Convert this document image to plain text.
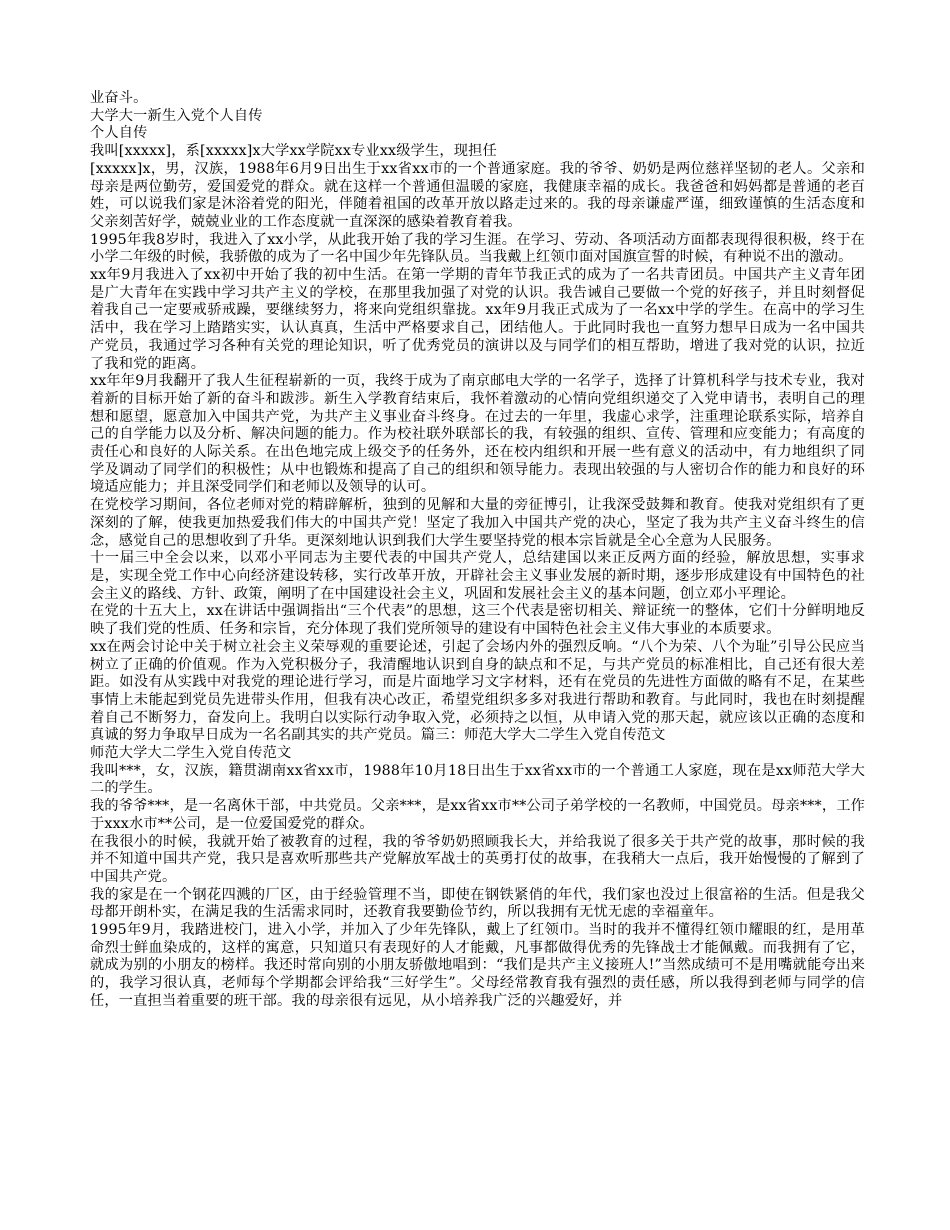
业奋斗。

大学大一新生入党个人自传

个人自传

我叫[xxxxx]，系[xxxxx]x大学xx学院xx专业xx级学生，现担任

[xxxxx]x，男，汉族，1988年6月9日出生于xx省xx市的一个普通家庭。我的爷爷、奶奶是两位慈祥坚韧的老人。父亲和母亲是两位勤劳，爱国爱党的群众。就在这样一个普通但温暖的家庭，我健康幸福的成长。我爸爸和妈妈都是普通的老百姓，可以说我们家是沐浴着党的阳光，伴随着祖国的改革开放以路走过来的。我的母亲谦虚严谨，细致谨慎的生活态度和父亲刻苦好学，兢兢业业的工作态度就一直深深的感染着教育着我。

1995年我8岁时，我进入了xx小学，从此我开始了我的学习生涯。在学习、劳动、各项活动方面都表现得很积极，终于在小学二年级的时候，我骄傲的成为了一名中国少年先锋队员。当我戴上红领巾面对国旗宣誓的时候，有种说不出的激动。

xx年9月我进入了xx初中开始了我的初中生活。在第一学期的青年节我正式的成为了一名共青团员。中国共产主义青年团是广大青年在实践中学习共产主义的学校，在那里我加强了对党的认识。我告诫自己要做一个党的好孩子，并且时刻督促着我自己一定要戒骄戒躁，要继续努力，将来向党组织靠拢。xx年9月我正式成为了一名xx中学的学生。在高中的学习生活中，我在学习上踏踏实实，认认真真，生活中严格要求自己，团结他人。于此同时我也一直努力想早日成为一名中国共产党员，我通过学习各种有关党的理论知识，听了优秀党员的演讲以及与同学们的相互帮助，增进了我对党的认识，拉近了我和党的距离。

xx年年9月我翻开了我人生征程崭新的一页，我终于成为了南京邮电大学的一名学子，选择了计算机科学与技术专业，我对着新的目标开始了新的奋斗和跋涉。新生入学教育结束后，我怀着激动的心情向党组织递交了入党申请书，表明自己的理想和愿望，愿意加入中国共产党，为共产主义事业奋斗终身。在过去的一年里，我虚心求学，注重理论联系实际，培养自己的自学能力以及分析、解决问题的能力。作为校社联外联部长的我，有较强的组织、宣传、管理和应变能力；有高度的责任心和良好的人际关系。在出色地完成上级交予的任务外，还在校内组织和开展一些有意义的活动中，有力地组织了同学及调动了同学们的积极性；从中也锻炼和提高了自己的组织和领导能力。表现出较强的与人密切合作的能力和良好的环境适应能力；并且深受同学们和老师以及领导的认可。

在党校学习期间，各位老师对党的精辟解析，独到的见解和大量的旁征博引，让我深受鼓舞和教育。使我对党组织有了更深刻的了解，使我更加热爱我们伟大的中国共产党！坚定了我加入中国共产党的决心，坚定了我为共产主义奋斗终生的信念，感觉自己的思想收到了升华。更深刻地认识到我们大学生要坚持党的根本宗旨就是全心全意为人民服务。

十一届三中全会以来，以邓小平同志为主要代表的中国共产党人，总结建国以来正反两方面的经验，解放思想，实事求是，实现全党工作中心向经济建设转移，实行改革开放，开辟社会主义事业发展的新时期，逐步形成建设有中国特色的社会主义的路线、方针、政策，阐明了在中国建设社会主义，巩固和发展社会主义的基本问题，创立邓小平理论。

在党的十五大上，xx在讲话中强调指出“三个代表”的思想，这三个代表是密切相关、辩证统一的整体，它们十分鲜明地反映了我们党的性质、任务和宗旨，充分体现了我们党所领导的建设有中国特色社会主义伟大事业的本质要求。

xx在两会讨论中关于树立社会主义荣辱观的重要论述，引起了会场内外的强烈反响。“八个为荣、八个为耻”引导公民应当树立了正确的价值观。作为入党积极分子，我清醒地认识到自身的缺点和不足，与共产党员的标准相比，自己还有很大差距。如没有从实践中对我党的理论进行学习，而是片面地学习文字材料，还有在党员的先进性方面做的略有不足，在某些事情上未能起到党员先进带头作用，但我有决心改正，希望党组织多多对我进行帮助和教育。与此同时，我也在时刻提醒着自己不断努力，奋发向上。我明白以实际行动争取入党，必须持之以恒，从申请入党的那天起，就应该以正确的态度和真诚的努力争取早日成为一名名副其实的共产党员。篇三：师范大学大二学生入党自传范文

师范大学大二学生入党自传范文

我叫***，女，汉族，籍贯湖南xx省xx市，1988年10月18日出生于xx省xx市的一个普通工人家庭，现在是xx师范大学大二的学生。

我的爷爷***，是一名离休干部，中共党员。父亲***，是xx省xx市**公司子弟学校的一名教师，中国党员。母亲***，工作于xxx水市**公司，是一位爱国爱党的群众。

在我很小的时候，我就开始了被教育的过程，我的爷爷奶奶照顾我长大，并给我说了很多关于共产党的故事，那时候的我并不知道中国共产党，我只是喜欢听那些共产党解放军战士的英勇打仗的故事，在我稍大一点后，我开始慢慢的了解到了中国共产党。

我的家是在一个钢花四溅的厂区，由于经验管理不当，即使在钢铁紧俏的年代，我们家也没过上很富裕的生活。但是我父母都开朗朴实，在满足我的生活需求同时，还教育我要勤俭节约，所以我拥有无忧无虑的幸福童年。

1995年9月，我踏进校门，进入小学，并加入了少年先锋队，戴上了红领巾。当时的我并不懂得红领巾耀眼的红，是用革命烈士鲜血染成的，这样的寓意，只知道只有表现好的人才能戴，凡事都做得优秀的先锋战士才能佩戴。而我拥有了它，就成为别的小朋友的榜样。我还时常向别的小朋友骄傲地唱到：“我们是共产主义接班人!”当然成绩可不是用嘴就能夸出来的，我学习很认真，老师每个学期都会评给我“三好学生”。父母经常教育我有强烈的责任感，所以我得到老师与同学的信任，一直担当着重要的班干部。我的母亲很有远见，从小培养我广泛的兴趣爱好，并
